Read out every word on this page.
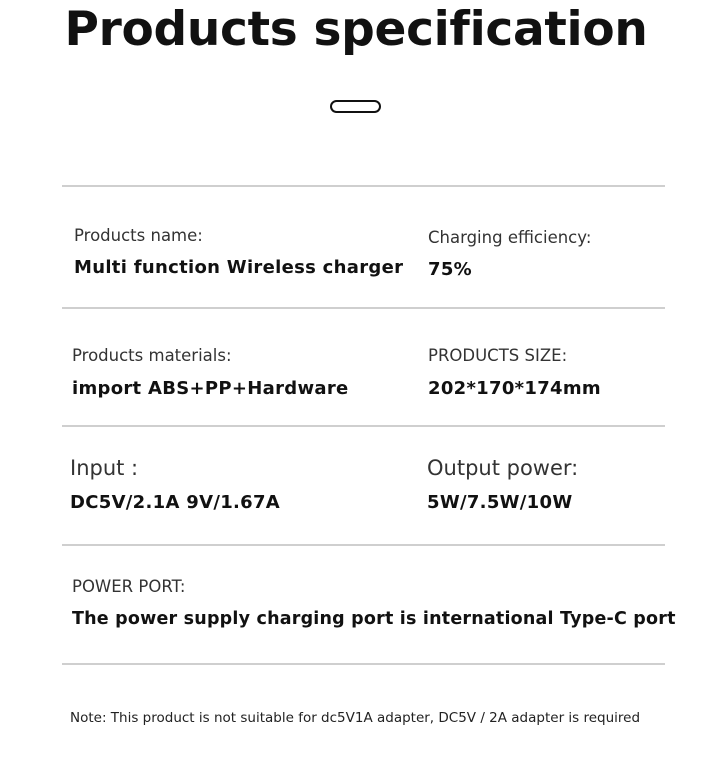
Products specification
Products name:
Multi function Wireless charger
Charging efficiency:
75%
Products materials:
import ABS+PP+Hardware
PRODUCTS SIZE:
202*170*174mm
Input :
DC5V/2.1A 9V/1.67A
Output power:
5W/7.5W/10W
POWER PORT:
The power supply charging port is international Type-C port
Note: This product is not suitable for dc5V1A adapter, DC5V / 2A adapter is required
